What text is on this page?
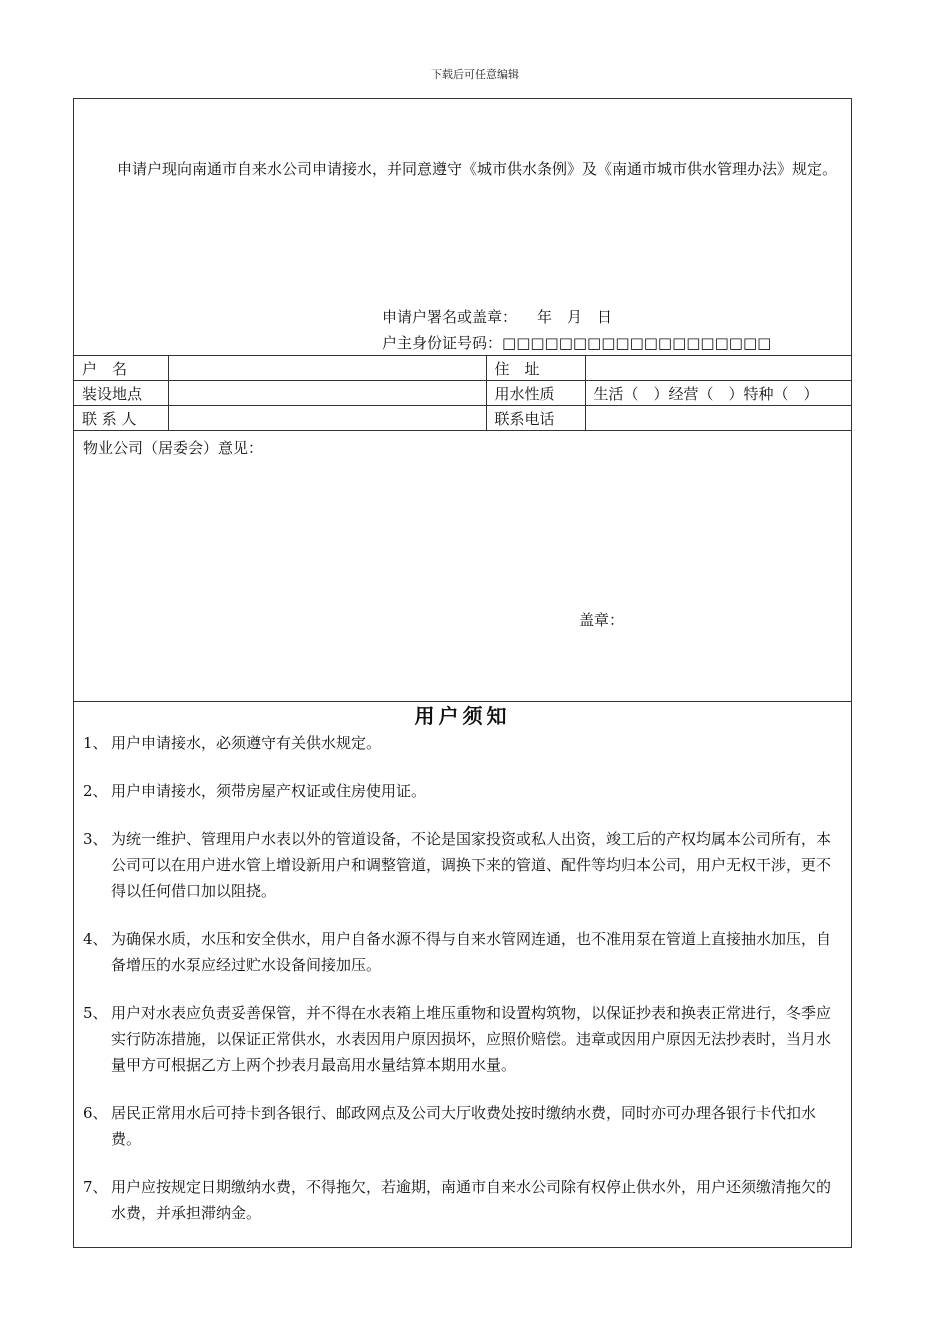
下载后可任意编辑

申请户现向南通市自来水公司申请接水，并同意遵守《城市供水条例》及《南通市城市供水管理办法》规定。

申请户署名或盖章： 年　月　日
户主身份证号码：□□□□□□□□□□□□□□□□□□□
户　名		住　址	
装设地点		用水性质	生活（　）经营（　）特种（　）
联 系 人		联系电话	
物业公司（居委会）意见：
盖章：
用户须知
1、 用户申请接水，必须遵守有关供水规定。
2、 用户申请接水，须带房屋产权证或住房使用证。
3、 为统一维护、管理用户水表以外的管道设备，不论是国家投资或私人出资，竣工后的产权均属本公司所有，本公司可以在用户进水管上增设新用户和调整管道，调换下来的管道、配件等均归本公司，用户无权干涉，更不得以任何借口加以阻挠。
4、 为确保水质，水压和安全供水，用户自备水源不得与自来水管网连通，也不准用泵在管道上直接抽水加压，自备增压的水泵应经过贮水设备间接加压。
5、 用户对水表应负责妥善保管，并不得在水表箱上堆压重物和设置构筑物，以保证抄表和换表正常进行，冬季应实行防冻措施，以保证正常供水，水表因用户原因损坏，应照价赔偿。违章或因用户原因无法抄表时，当月水量甲方可根据乙方上两个抄表月最高用水量结算本期用水量。
6、 居民正常用水后可持卡到各银行、邮政网点及公司大厅收费处按时缴纳水费，同时亦可办理各银行卡代扣水费。
7、 用户应按规定日期缴纳水费，不得拖欠，若逾期，南通市自来水公司除有权停止供水外，用户还须缴清拖欠的水费，并承担滞纳金。
